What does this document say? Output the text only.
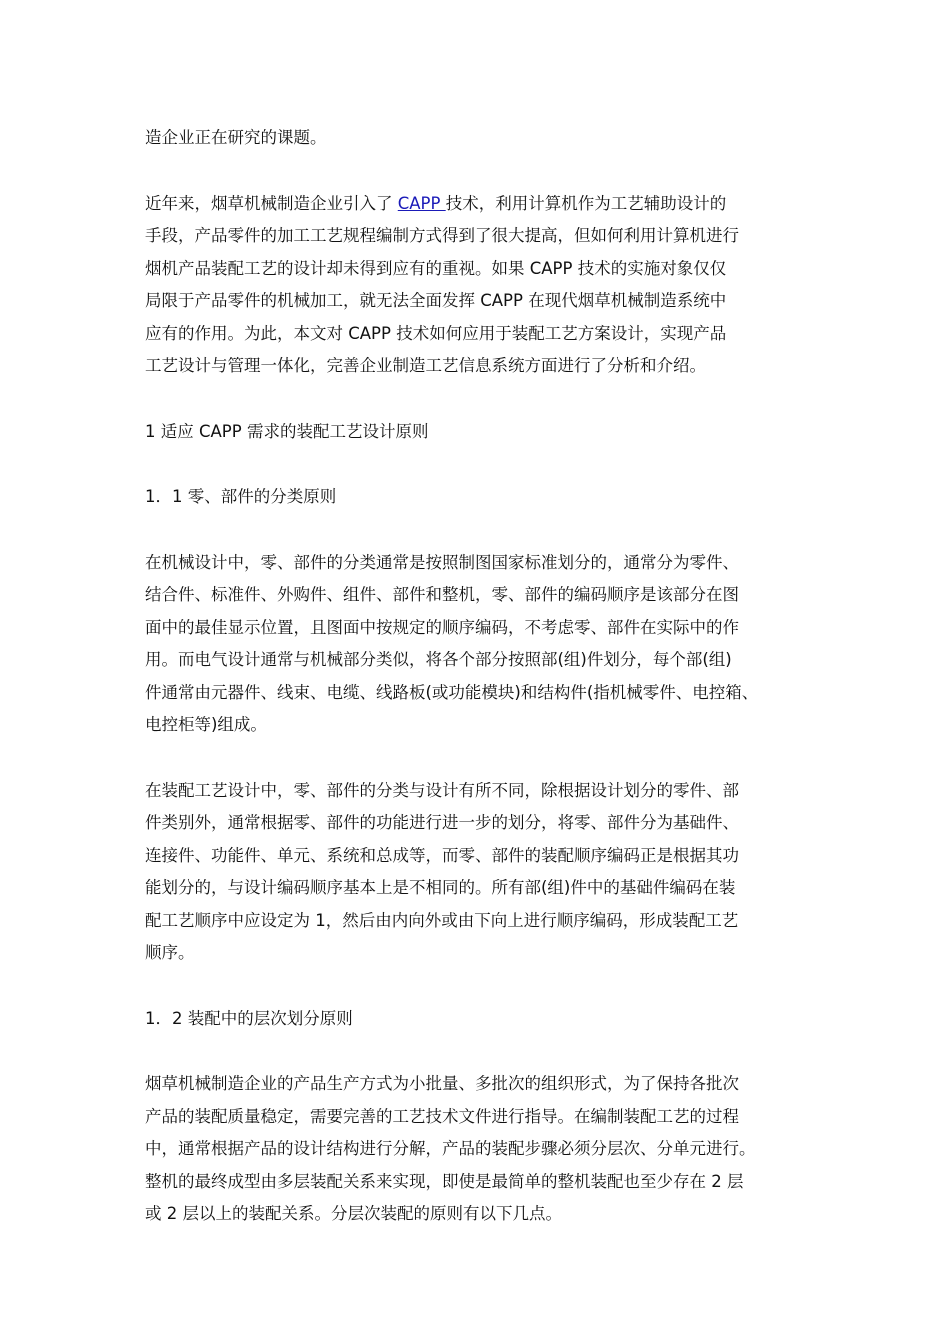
造企业正在研究的课题。
近年来，烟草机械制造企业引入了 CAPP 技术，利用计算机作为工艺辅助设计的
手段，产品零件的加工工艺规程编制方式得到了很大提高，但如何利用计算机进行
烟机产品装配工艺的设计却未得到应有的重视。如果 CAPP 技术的实施对象仅仅
局限于产品零件的机械加工，就无法全面发挥 CAPP 在现代烟草机械制造系统中
应有的作用。为此，本文对 CAPP 技术如何应用于装配工艺方案设计，实现产品
工艺设计与管理一体化，完善企业制造工艺信息系统方面进行了分析和介绍。
1 适应 CAPP 需求的装配工艺设计原则
1．1 零、部件的分类原则
在机械设计中，零、部件的分类通常是按照制图国家标准划分的，通常分为零件、
结合件、标准件、外购件、组件、部件和整机，零、部件的编码顺序是该部分在图
面中的最佳显示位置，且图面中按规定的顺序编码，不考虑零、部件在实际中的作
用。而电气设计通常与机械部分类似，将各个部分按照部(组)件划分，每个部(组)
件通常由元器件、线束、电缆、线路板(或功能模块)和结构件(指机械零件、电控箱、
电控柜等)组成。
在装配工艺设计中，零、部件的分类与设计有所不同，除根据设计划分的零件、部
件类别外，通常根据零、部件的功能进行进一步的划分，将零、部件分为基础件、
连接件、功能件、单元、系统和总成等，而零、部件的装配顺序编码正是根据其功
能划分的，与设计编码顺序基本上是不相同的。所有部(组)件中的基础件编码在装
配工艺顺序中应设定为 1，然后由内向外或由下向上进行顺序编码，形成装配工艺
顺序。
1．2 装配中的层次划分原则
烟草机械制造企业的产品生产方式为小批量、多批次的组织形式，为了保持各批次
产品的装配质量稳定，需要完善的工艺技术文件进行指导。在编制装配工艺的过程
中，通常根据产品的设计结构进行分解，产品的装配步骤必须分层次、分单元进行。
整机的最终成型由多层装配关系来实现，即使是最简单的整机装配也至少存在 2 层
或 2 层以上的装配关系。分层次装配的原则有以下几点。
